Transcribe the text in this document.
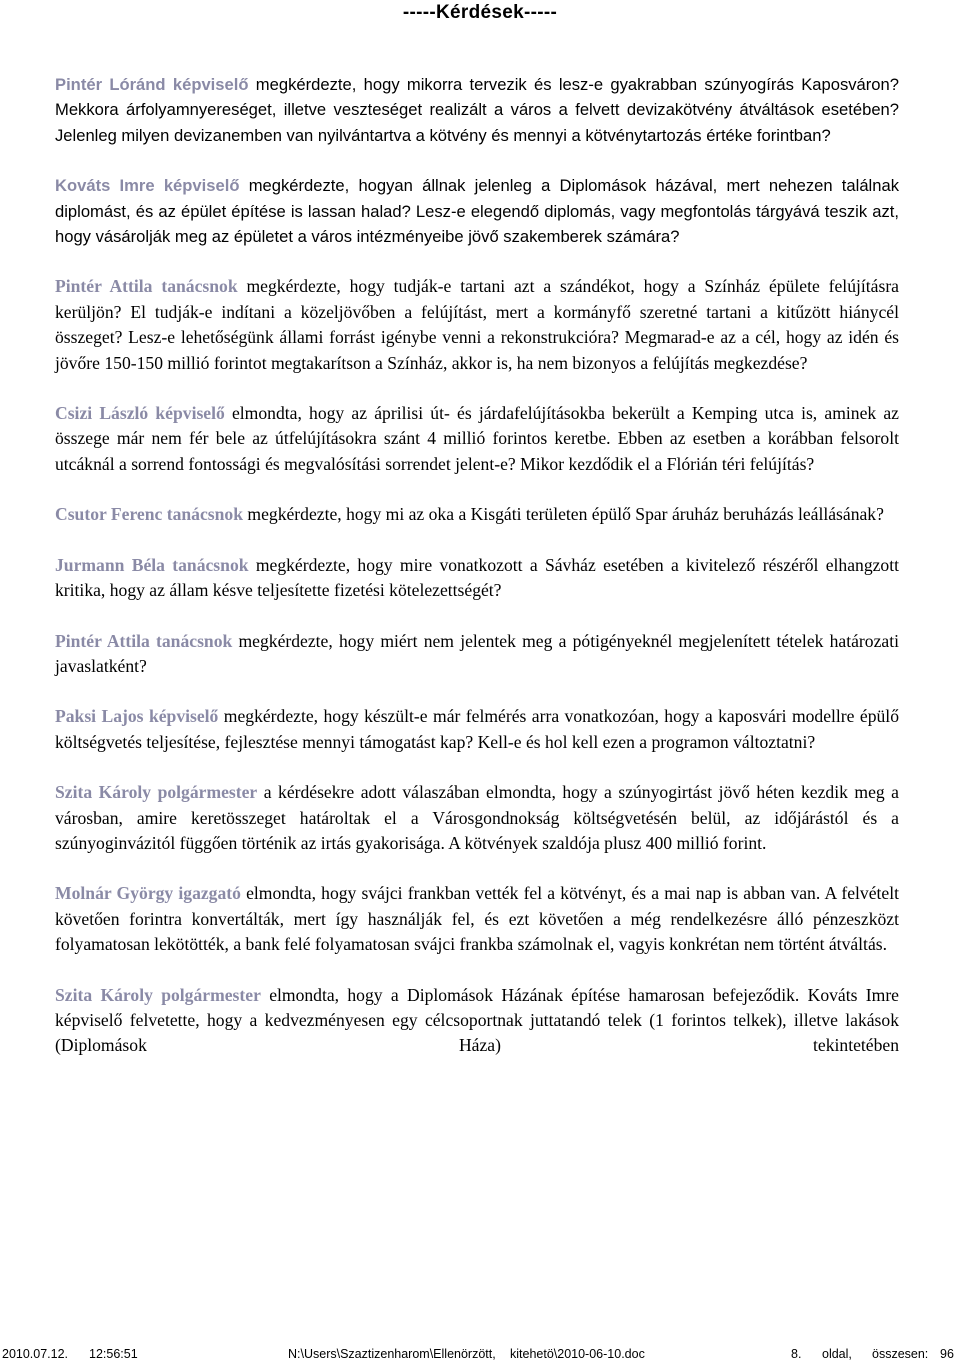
-----Kérdések-----

Pintér Lóránd képviselő megkérdezte, hogy mikorra tervezik és lesz-e gyakrabban szúnyogírás Kaposváron? Mekkora árfolyamnyereséget, illetve veszteséget realizált a város a felvett devizakötvény átváltások esetében? Jelenleg milyen devizanemben van nyilvántartva a kötvény és mennyi a kötvénytartozás értéke forintban?

Kováts Imre képviselő megkérdezte, hogyan állnak jelenleg a Diplomások házával, mert nehezen találnak diplomást, és az épület építése is lassan halad? Lesz-e elegendő diplomás, vagy megfontolás tárgyává teszik azt, hogy vásárolják meg az épületet a város intézményeibe jövő szakemberek számára?

Pintér Attila tanácsnok megkérdezte, hogy tudják-e tartani azt a szándékot, hogy a Színház épülete felújításra kerüljön? El tudják-e indítani a közeljövőben a felújítást, mert a kormányfő szeretné tartani a kitűzött hiánycél összeget? Lesz-e lehetőségünk állami forrást igénybe venni a rekonstrukcióra? Megmarad-e az a cél, hogy az idén és jövőre 150-150 millió forintot megtakarítson a Színház, akkor is, ha nem bizonyos a felújítás megkezdése?

Csizi László képviselő elmondta, hogy az áprilisi út- és járdafelújításokba bekerült a Kemping utca is, aminek az összege már nem fér bele az útfelújításokra szánt 4 millió forintos keretbe. Ebben az esetben a korábban felsorolt utcáknál a sorrend fontossági és megvalósítási sorrendet jelent-e? Mikor kezdődik el a Flórián téri felújítás?

Csutor Ferenc tanácsnok megkérdezte, hogy mi az oka a Kisgáti területen épülő Spar áruház beruházás leállásának?

Jurmann Béla tanácsnok megkérdezte, hogy mire vonatkozott a Sávház esetében a kivitelező részéről elhangzott kritika, hogy az állam késve teljesítette fizetési kötelezettségét?

Pintér Attila tanácsnok megkérdezte, hogy miért nem jelentek meg a pótigényeknél megjelenített tételek határozati javaslatként?

Paksi Lajos képviselő megkérdezte, hogy készült-e már felmérés arra vonatkozóan, hogy a kaposvári modellre épülő költségvetés teljesítése, fejlesztése mennyi támogatást kap? Kell-e és hol kell ezen a programon változtatni?

Szita Károly polgármester a kérdésekre adott válaszában elmondta, hogy a szúnyogirtást jövő héten kezdik meg a városban, amire keretösszeget határoltak el a Városgondnokság költségvetésén belül, az időjárástól és a szúnyoginvázitól függően történik az irtás gyakorisága. A kötvények szaldója plusz 400 millió forint.

Molnár György igazgató elmondta, hogy svájci frankban vették fel a kötvényt, és a mai nap is abban van. A felvételt követően forintra konvertálták, mert így használják fel, és ezt követően a még rendelkezésre álló pénzeszközt folyamatosan lekötötték, a bank felé folyamatosan svájci frankba számolnak el, vagyis konkrétan nem történt átváltás.

Szita Károly polgármester elmondta, hogy a Diplomások Házának építése hamarosan befejeződik. Kováts Imre képviselő felvetette, hogy a kedvezményesen egy célcsoportnak juttatandó telek (1 forintos telkek), illetve lakások (Diplomások Háza) tekintetében

2010.07.12. 12:56:51	N:\Users\Szaztizenharom\Ellenörzött, kitehetö\2010-06-10.doc	8. oldal, összesen: 96
